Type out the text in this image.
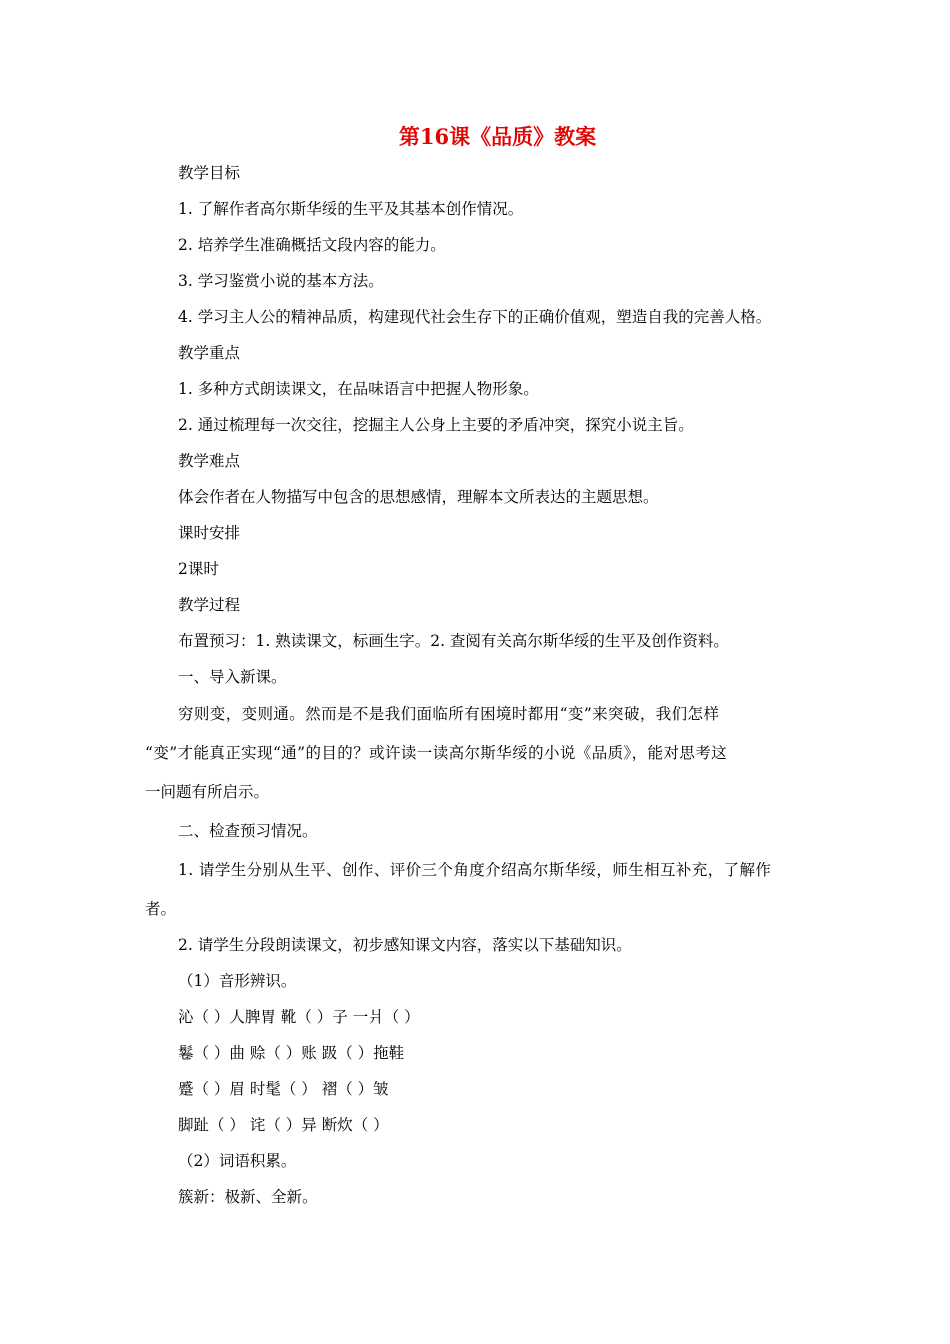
第16课《品质》教案
教学目标
1. 了解作者高尔斯华绥的生平及其基本创作情况。
2. 培养学生准确概括文段内容的能力。
3. 学习鉴赏小说的基本方法。
4. 学习主人公的精神品质，构建现代社会生存下的正确价值观，塑造自我的完善人格。
教学重点
1. 多种方式朗读课文，在品味语言中把握人物形象。
2. 通过梳理每一次交往，挖掘主人公身上主要的矛盾冲突，探究小说主旨。
教学难点
体会作者在人物描写中包含的思想感情，理解本文所表达的主题思想。
课时安排
2课时
教学过程
布置预习：1. 熟读课文，标画生字。2. 查阅有关高尔斯华绥的生平及创作资料。
一、导入新课。
穷则变，变则通。然而是不是我们面临所有困境时都用“变”来突破，我们怎样
“变”才能真正实现“通”的目的？或许读一读高尔斯华绥的小说《品质》，能对思考这
一问题有所启示。
二、检查预习情况。
1. 请学生分别从生平、创作、评价三个角度介绍高尔斯华绥，师生相互补充，了解作
者。
2. 请学生分段朗读课文，初步感知课文内容，落实以下基础知识。
（1）音形辨识。
沁（ ）人脾胃 靴（ ）子 一爿（ ）
鬈（ ）曲 赊（ ）账 趿（ ）拖鞋
蹙（ ）眉 时髦（ ） 褶（ ）皱
脚趾（ ） 诧（ ）异 断炊（ ）
（2）词语积累。
簇新：极新、全新。
